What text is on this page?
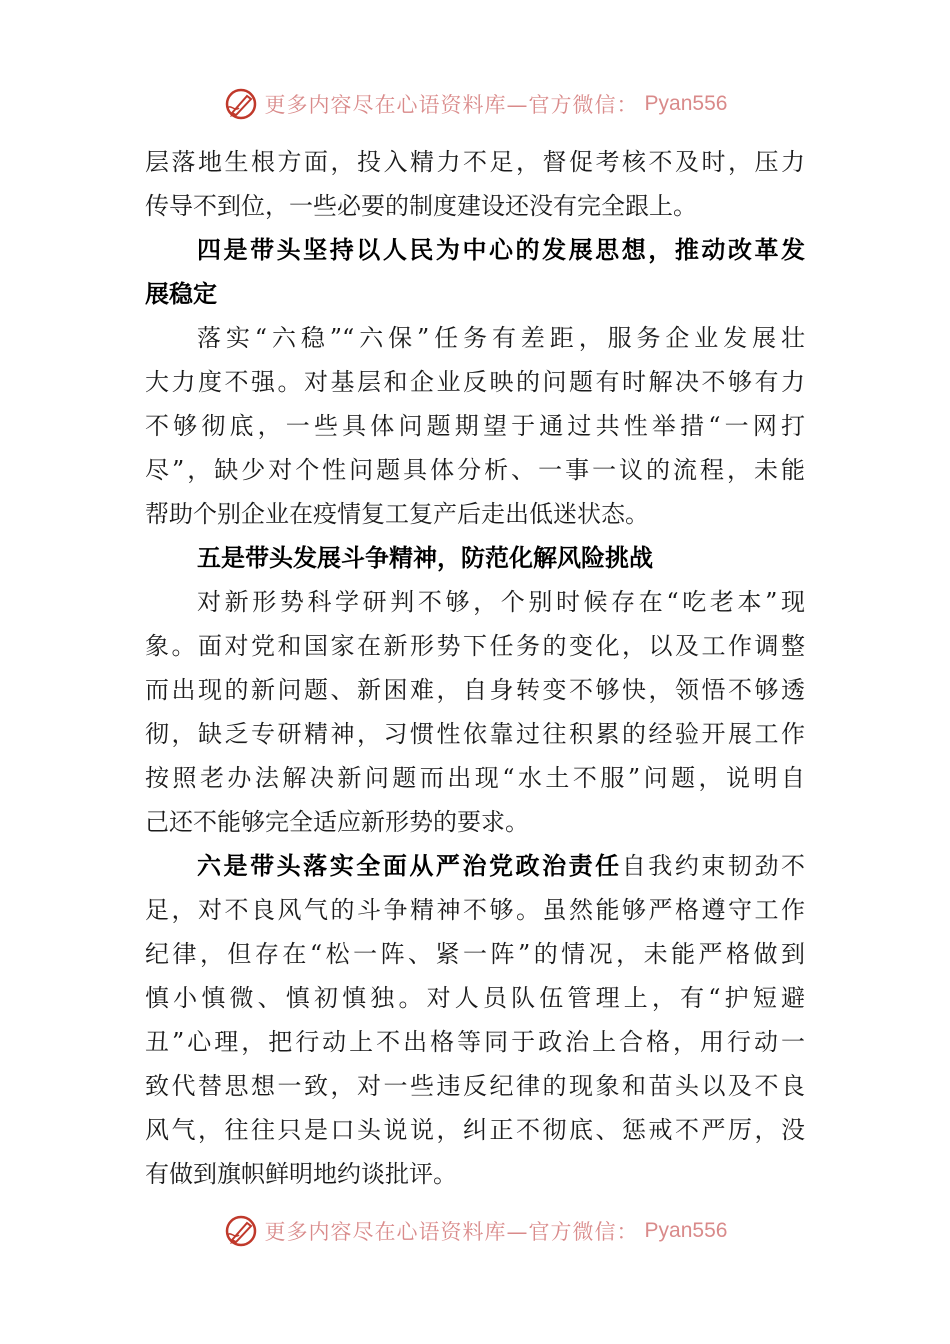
更多内容尽在心语资料库—官方微信： Pyan556
层落地生根方面，投入精力不足，督促考核不及时，压力
传导不到位，一些必要的制度建设还没有完全跟上。
四是带头坚持以人民为中心的发展思想，推动改革发
展稳定
落实“六稳”“六保”任务有差距，服务企业发展壮
大力度不强。对基层和企业反映的问题有时解决不够有力
不够彻底，一些具体问题期望于通过共性举措“一网打
尽”，缺少对个性问题具体分析、一事一议的流程，未能
帮助个别企业在疫情复工复产后走出低迷状态。
五是带头发展斗争精神，防范化解风险挑战
对新形势科学研判不够，个别时候存在“吃老本”现
象。面对党和国家在新形势下任务的变化，以及工作调整
而出现的新问题、新困难，自身转变不够快，领悟不够透
彻，缺乏专研精神，习惯性依靠过往积累的经验开展工作
按照老办法解决新问题而出现“水土不服”问题，说明自
己还不能够完全适应新形势的要求。
六是带头落实全面从严治党政治责任自我约束韧劲不
足，对不良风气的斗争精神不够。虽然能够严格遵守工作
纪律，但存在“松一阵、紧一阵”的情况，未能严格做到
慎小慎微、慎初慎独。对人员队伍管理上，有“护短避
丑”心理，把行动上不出格等同于政治上合格，用行动一
致代替思想一致，对一些违反纪律的现象和苗头以及不良
风气，往往只是口头说说，纠正不彻底、惩戒不严厉，没
有做到旗帜鲜明地约谈批评。
更多内容尽在心语资料库—官方微信： Pyan556
